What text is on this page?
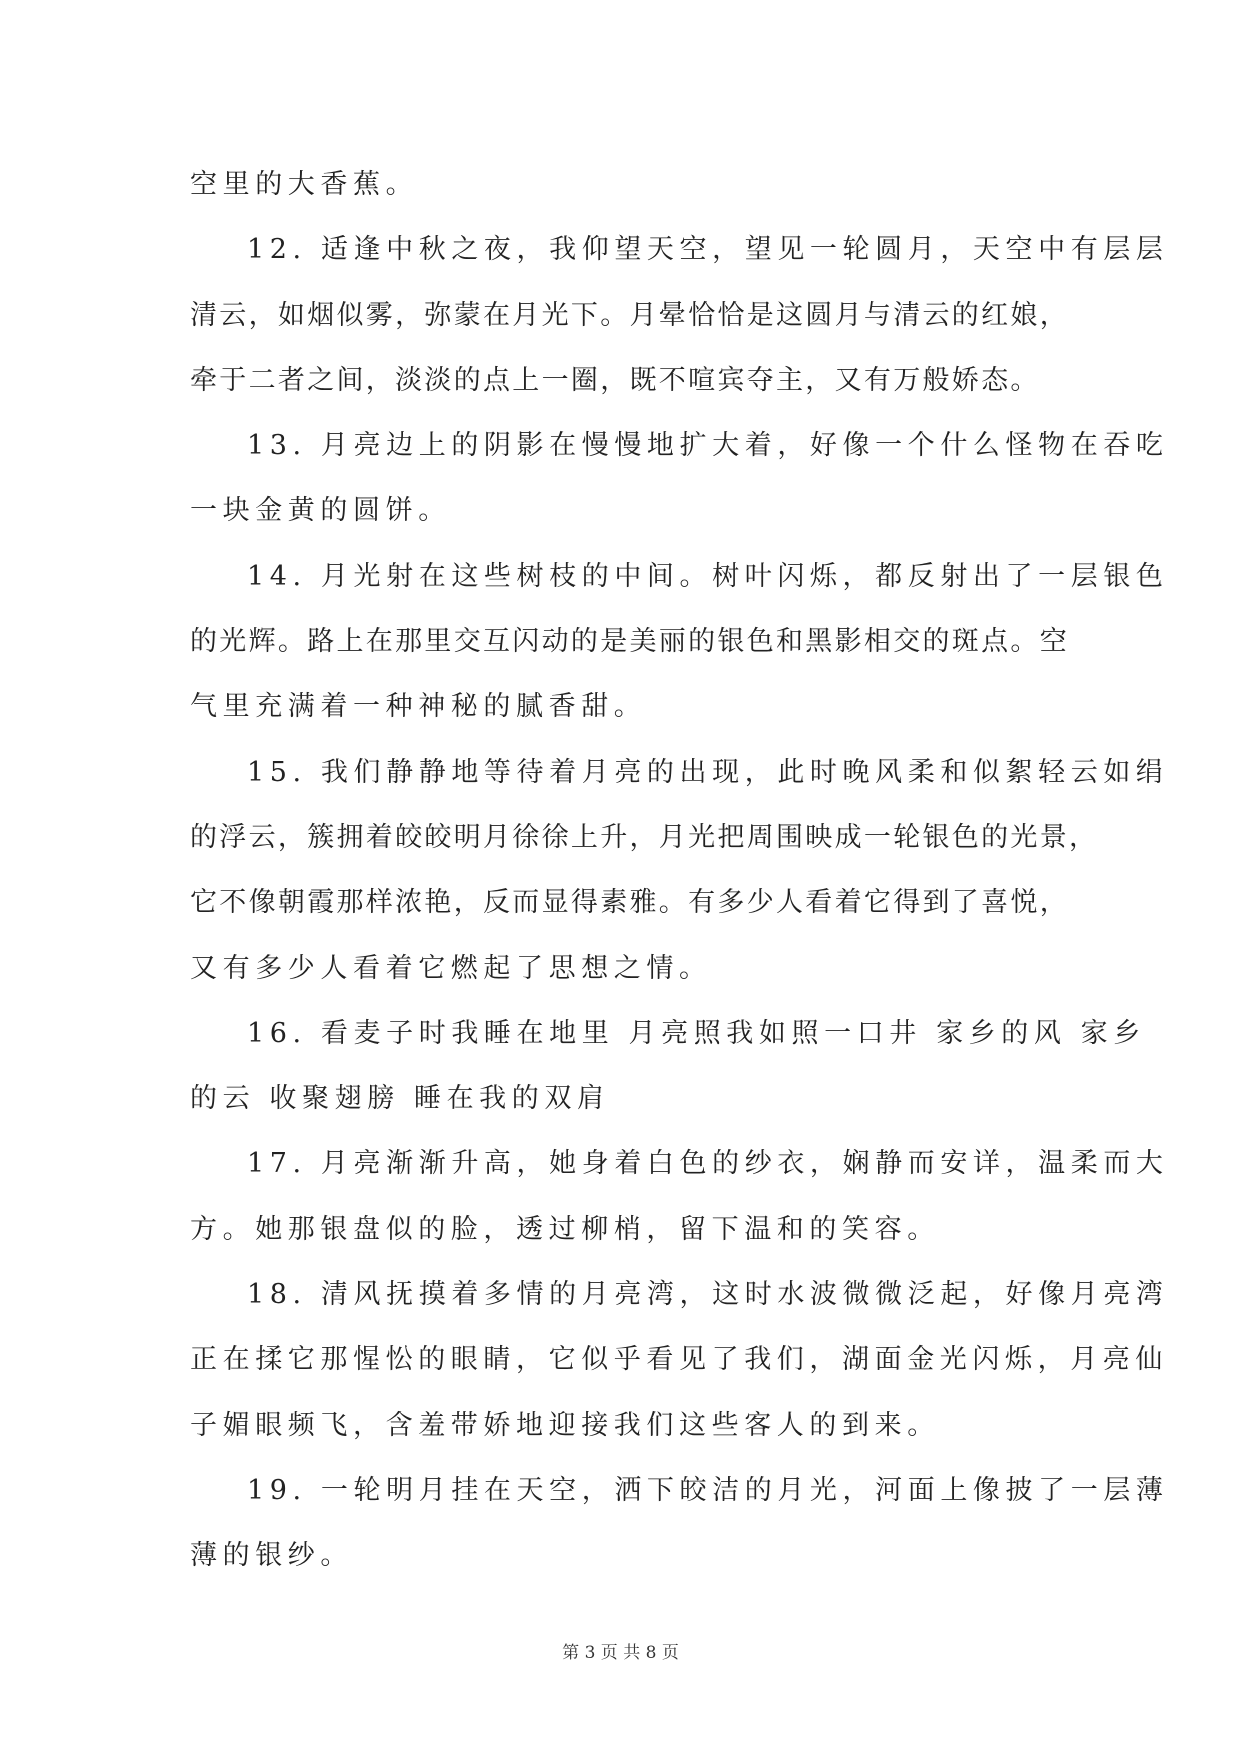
空里的大香蕉。
12. 适逢中秋之夜，我仰望天空，望见一轮圆月，天空中有层层
清云，如烟似雾，弥蒙在月光下。月晕恰恰是这圆月与清云的红娘，
牵于二者之间，淡淡的点上一圈，既不喧宾夺主，又有万般娇态。
13. 月亮边上的阴影在慢慢地扩大着，好像一个什么怪物在吞吃
一块金黄的圆饼。
14. 月光射在这些树枝的中间。树叶闪烁，都反射出了一层银色
的光辉。路上在那里交互闪动的是美丽的银色和黑影相交的斑点。空
气里充满着一种神秘的腻香甜。
15. 我们静静地等待着月亮的出现，此时晚风柔和似絮轻云如绢
的浮云，簇拥着皎皎明月徐徐上升，月光把周围映成一轮银色的光景，
它不像朝霞那样浓艳，反而显得素雅。有多少人看着它得到了喜悦，
又有多少人看着它燃起了思想之情。
16. 看麦子时我睡在地里 月亮照我如照一口井 家乡的风 家乡
的云 收聚翅膀 睡在我的双肩
17. 月亮渐渐升高，她身着白色的纱衣，娴静而安详，温柔而大
方。她那银盘似的脸，透过柳梢，留下温和的笑容。
18. 清风抚摸着多情的月亮湾，这时水波微微泛起，好像月亮湾
正在揉它那惺忪的眼睛，它似乎看见了我们，湖面金光闪烁，月亮仙
子媚眼频飞，含羞带娇地迎接我们这些客人的到来。
19. 一轮明月挂在天空，洒下皎洁的月光，河面上像披了一层薄
薄的银纱。
第 3 页 共 8 页
